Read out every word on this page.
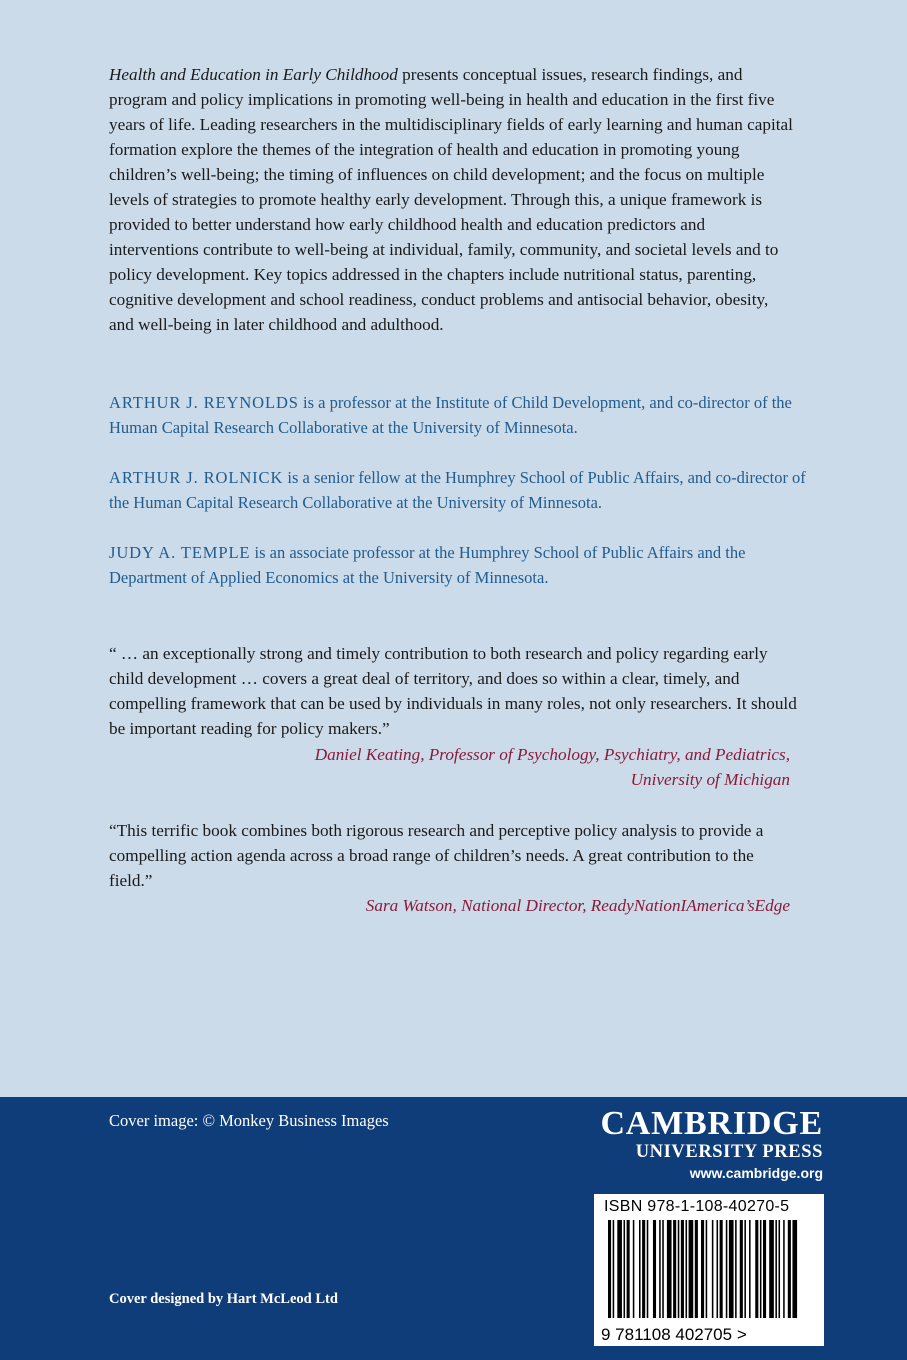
Health and Education in Early Childhood presents conceptual issues, research findings, and program and policy implications in promoting well-being in health and education in the first five years of life. Leading researchers in the multidisciplinary fields of early learning and human capital formation explore the themes of the integration of health and education in promoting young children’s well-being; the timing of influences on child development; and the focus on multiple levels of strategies to promote healthy early development. Through this, a unique framework is provided to better understand how early childhood health and education predictors and interventions contribute to well-being at individual, family, community, and societal levels and to policy development. Key topics addressed in the chapters include nutritional status, parenting, cognitive development and school readiness, conduct problems and antisocial behavior, obesity, and well-being in later childhood and adulthood.

ARTHUR J. REYNOLDS is a professor at the Institute of Child Development, and co-director of the Human Capital Research Collaborative at the University of Minnesota.

ARTHUR J. ROLNICK is a senior fellow at the Humphrey School of Public Affairs, and co-director of the Human Capital Research Collaborative at the University of Minnesota.

JUDY A. TEMPLE is an associate professor at the Humphrey School of Public Affairs and the Department of Applied Economics at the University of Minnesota.

“ … an exceptionally strong and timely contribution to both research and policy regarding early child development … covers a great deal of territory, and does so within a clear, timely, and compelling framework that can be used by individuals in many roles, not only researchers. It should be important reading for policy makers.”

Daniel Keating, Professor of Psychology, Psychiatry, and Pediatrics,
University of Michigan

“This terrific book combines both rigorous research and perceptive policy analysis to provide a compelling action agenda across a broad range of children’s needs. A great contribution to the field.”

Sara Watson, National Director, ReadyNationIAmerica’sEdge

Cover image: © Monkey Business Images
Cover designed by Hart McLeod Ltd
CAMBRIDGE
UNIVERSITY PRESS
www.cambridge.org
ISBN 978-1-108-40270-5
9 781108 402705 >
